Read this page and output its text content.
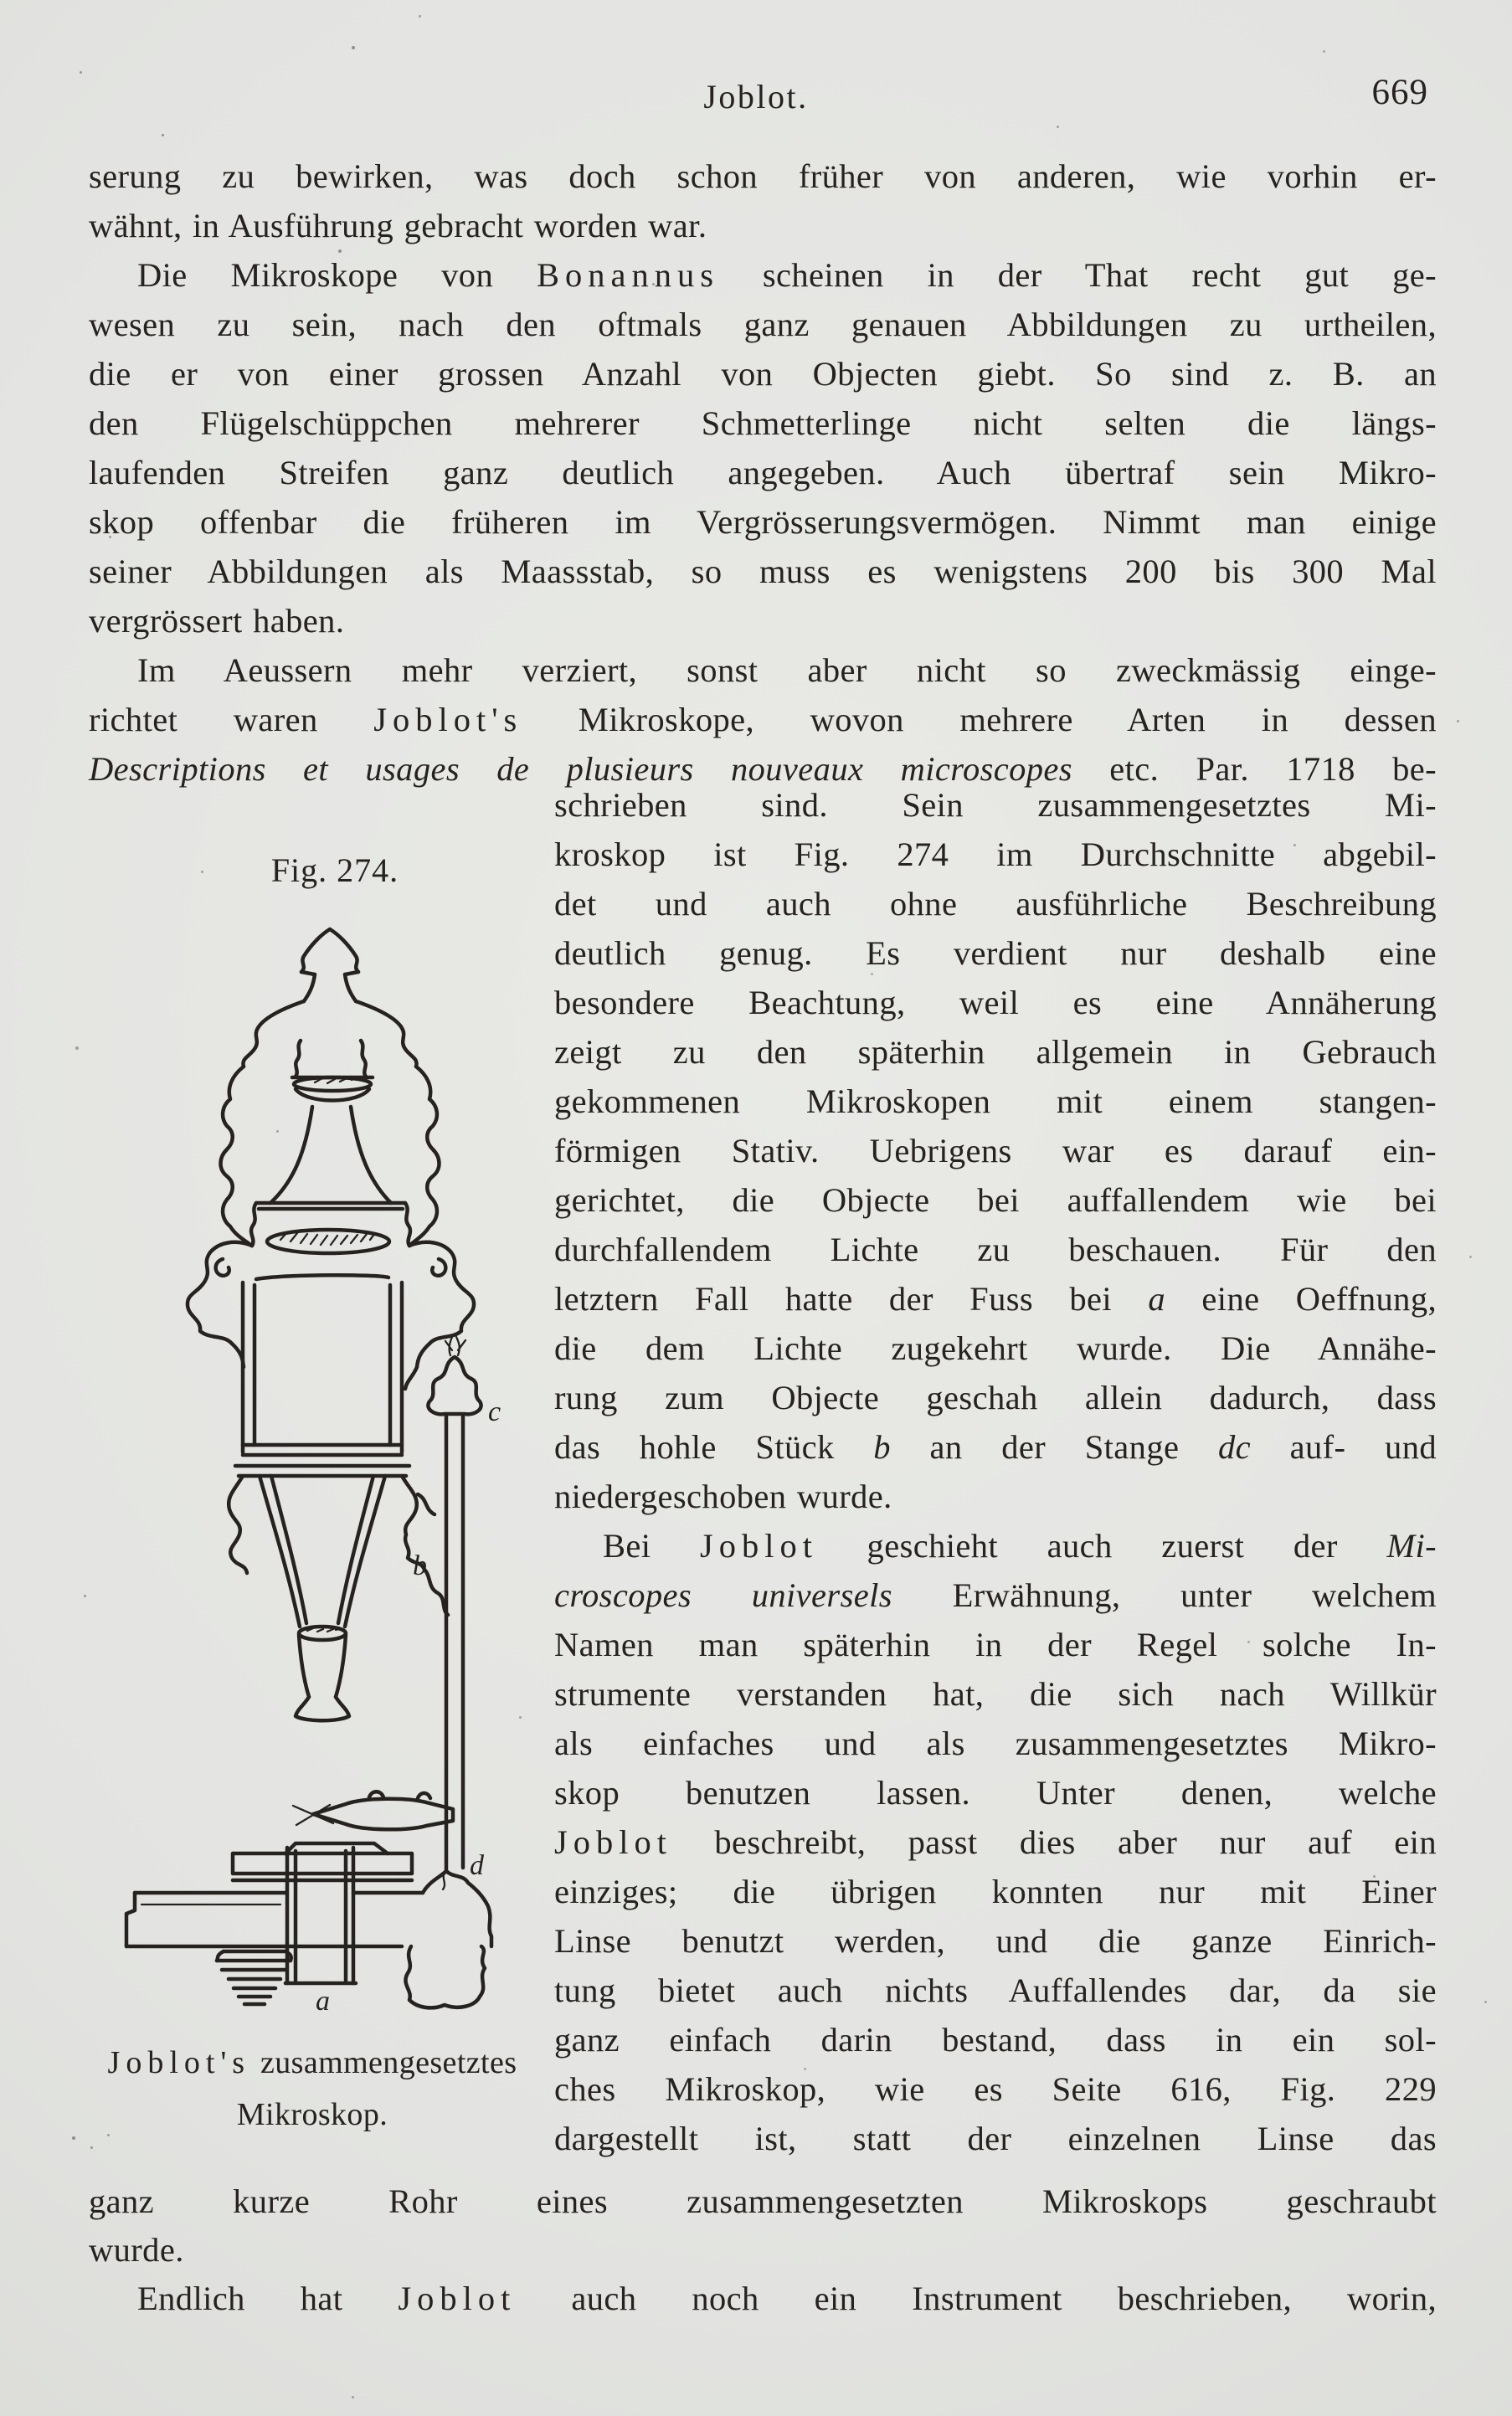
Joblot.	669
serung zu bewirken, was doch schon früher von anderen, wie vorhin er-
wähnt, in Ausführung gebracht worden war.
Die Mikroskope von Bonannus scheinen in der That recht gut ge-
wesen zu sein, nach den oftmals ganz genauen Abbildungen zu urtheilen,
die er von einer grossen Anzahl von Objecten giebt. So sind z. B. an
den Flügelschüppchen mehrerer Schmetterlinge nicht selten die längs-
laufenden Streifen ganz deutlich angegeben. Auch übertraf sein Mikro-
skop offenbar die früheren im Vergrösserungsvermögen. Nimmt man einige
seiner Abbildungen als Maassstab, so muss es wenigstens 200 bis 300 Mal
vergrössert haben.
Im Aeussern mehr verziert, sonst aber nicht so zweckmässig einge-
richtet waren Joblot's Mikroskope, wovon mehrere Arten in dessen
Descriptions et usages de plusieurs nouveaux microscopes etc. Par. 1718 be-
Fig. 274.
c
b
d
a
schrieben sind. Sein zusammengesetztes Mi-
kroskop ist Fig. 274 im Durchschnitte abgebil-
det und auch ohne ausführliche Beschreibung
deutlich genug. Es verdient nur deshalb eine
besondere Beachtung, weil es eine Annäherung
zeigt zu den späterhin allgemein in Gebrauch
gekommenen Mikroskopen mit einem stangen-
förmigen Stativ. Uebrigens war es darauf ein-
gerichtet, die Objecte bei auffallendem wie bei
durchfallendem Lichte zu beschauen. Für den
letztern Fall hatte der Fuss bei a eine Oeffnung,
die dem Lichte zugekehrt wurde. Die Annähe-
rung zum Objecte geschah allein dadurch, dass
das hohle Stück b an der Stange dc auf- und
niedergeschoben wurde.
Bei Joblot geschieht auch zuerst der Mi-
croscopes universels Erwähnung, unter welchem
Namen man späterhin in der Regel solche In-
strumente verstanden hat, die sich nach Willkür
als einfaches und als zusammengesetztes Mikro-
skop benutzen lassen. Unter denen, welche
Joblot beschreibt, passt dies aber nur auf ein
einziges; die übrigen konnten nur mit Einer
Linse benutzt werden, und die ganze Einrich-
tung bietet auch nichts Auffallendes dar, da sie
ganz einfach darin bestand, dass in ein sol-
ches Mikroskop, wie es Seite 616, Fig. 229
dargestellt ist, statt der einzelnen Linse das
Joblot's zusammengesetztes
Mikroskop.
ganz kurze Rohr eines zusammengesetzten Mikroskops geschraubt
wurde.
Endlich hat Joblot auch noch ein Instrument beschrieben, worin,
